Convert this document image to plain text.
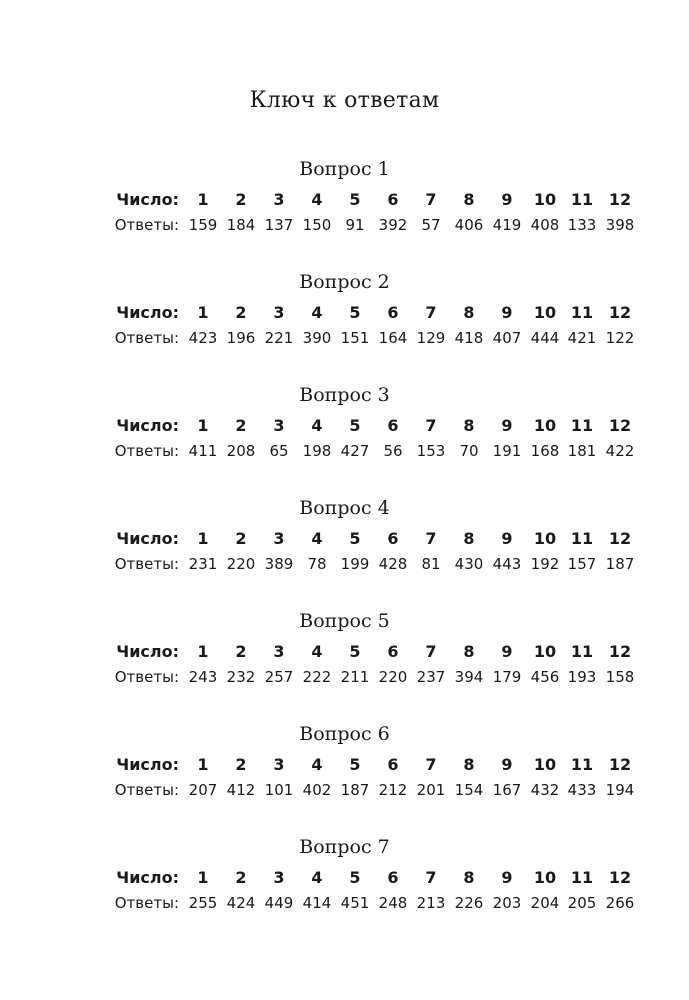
Ключ к ответам
Вопрос 1
Число:	1	2	3	4	5	6	7	8	9	10 11 12
Ответы: 159 184 137 150 91 392 57 406 419 408 133 398
Вопрос 2
Число:	1	2	3	4	5	6	7	8	9	10 11 12
Ответы: 423 196 221 390 151 164 129 418 407 444 421 122
Вопрос 3
Число:	1	2	3	4	5	6	7	8	9	10 11 12
Ответы: 411 208 65 198 427 56 153 70 191 168 181 422
Вопрос 4
Число:	1	2	3	4	5	6	7	8	9	10 11 12
Ответы: 231 220 389 78 199 428 81 430 443 192 157 187
Вопрос 5
Число:	1	2	3	4	5	6	7	8	9	10 11 12
Ответы: 243 232 257 222 211 220 237 394 179 456 193 158
Вопрос 6
Число:	1	2	3	4	5	6	7	8	9	10 11 12
Ответы: 207 412 101 402 187 212 201 154 167 432 433 194
Вопрос 7
Число:	1	2	3	4	5	6	7	8	9	10 11 12
Ответы: 255 424 449 414 451 248 213 226 203 204 205 266
